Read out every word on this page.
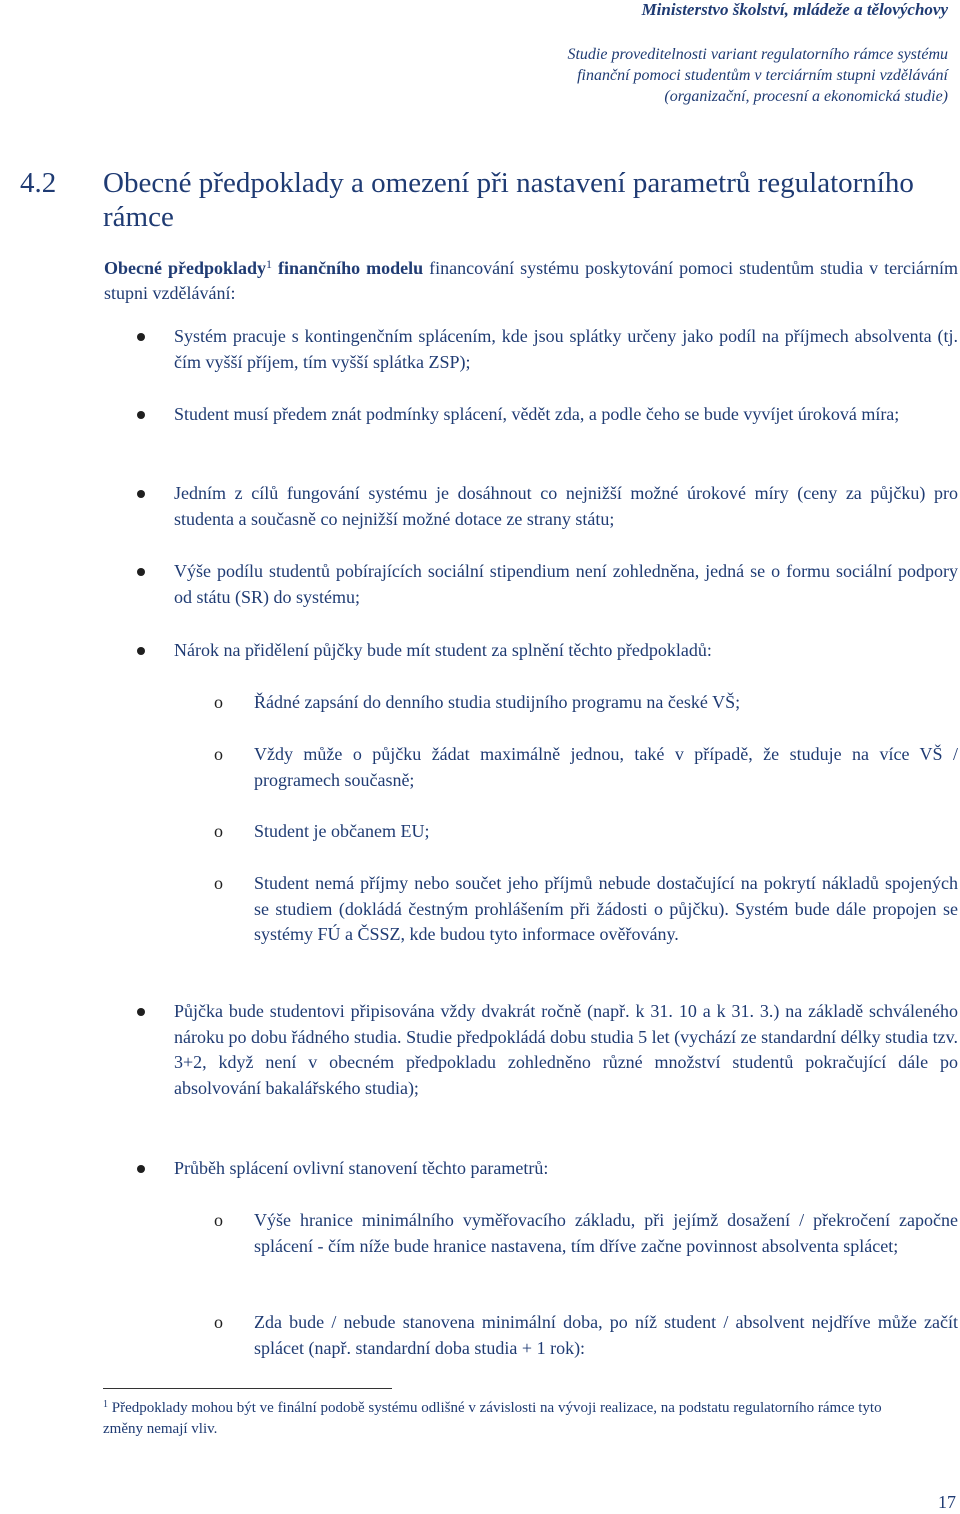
Ministerstvo školství, mládeže a tělovýchovy
Studie proveditelnosti variant regulatorního rámce systému
finanční pomoci studentům v terciárním stupni vzdělávání
(organizační, procesní a ekonomická studie)
4.2 Obecné předpoklady a omezení při nastavení parametrů regulatorního rámce
Obecné předpoklady$^1$ finančního modelu financování systému poskytování pomoci studentům studia v terciárním stupni vzdělávání:
Systém pracuje s kontingenčním splácením, kde jsou splátky určeny jako podíl na příjmech absolventa (tj. čím vyšší příjem, tím vyšší splátka ZSP);
Student musí předem znát podmínky splácení, vědět zda, a podle čeho se bude vyvíjet úroková míra;
Jedním z cílů fungování systému je dosáhnout co nejnižší možné úrokové míry (ceny za půjčku) pro studenta a současně co nejnižší možné dotace ze strany státu;
Výše podílu studentů pobírajících sociální stipendium není zohledněna, jedná se o formu sociální podpory od státu (SR) do systému;
Nárok na přidělení půjčky bude mít student za splnění těchto předpokladů:
o Řádné zapsání do denního studia studijního programu na české VŠ;
o Vždy může o půjčku žádat maximálně jednou, také v případě, že studuje na více VŠ / programech současně;
o Student je občanem EU;
o Student nemá příjmy nebo součet jeho příjmů nebude dostačující na pokrytí nákladů spojených se studiem (dokládá čestným prohlášením při žádosti o půjčku). Systém bude dále propojen se systémy FÚ a ČSSZ, kde budou tyto informace ověřovány.
Půjčka bude studentovi připisována vždy dvakrát ročně (např. k 31. 10 a k 31. 3.) na základě schváleného nároku po dobu řádného studia. Studie předpokládá dobu studia 5 let (vychází ze standardní délky studia tzv. 3+2, když není v obecném předpokladu zohledněno různé množství studentů pokračující dále po absolvování bakalářského studia);
Průběh splácení ovlivní stanovení těchto parametrů:
o Výše hranice minimálního vyměřovacího základu, při jejímž dosažení / překročení započne splácení - čím níže bude hranice nastavena, tím dříve začne povinnost absolventa splácet;
o Zda bude / nebude stanovena minimální doba, po níž student / absolvent nejdříve může začít splácet (např. standardní doba studia + 1 rok):
$^1$ Předpoklady mohou být ve finální podobě systému odlišné v závislosti na vývoji realizace, na podstatu regulatorního rámce tyto změny nemají vliv.
17
